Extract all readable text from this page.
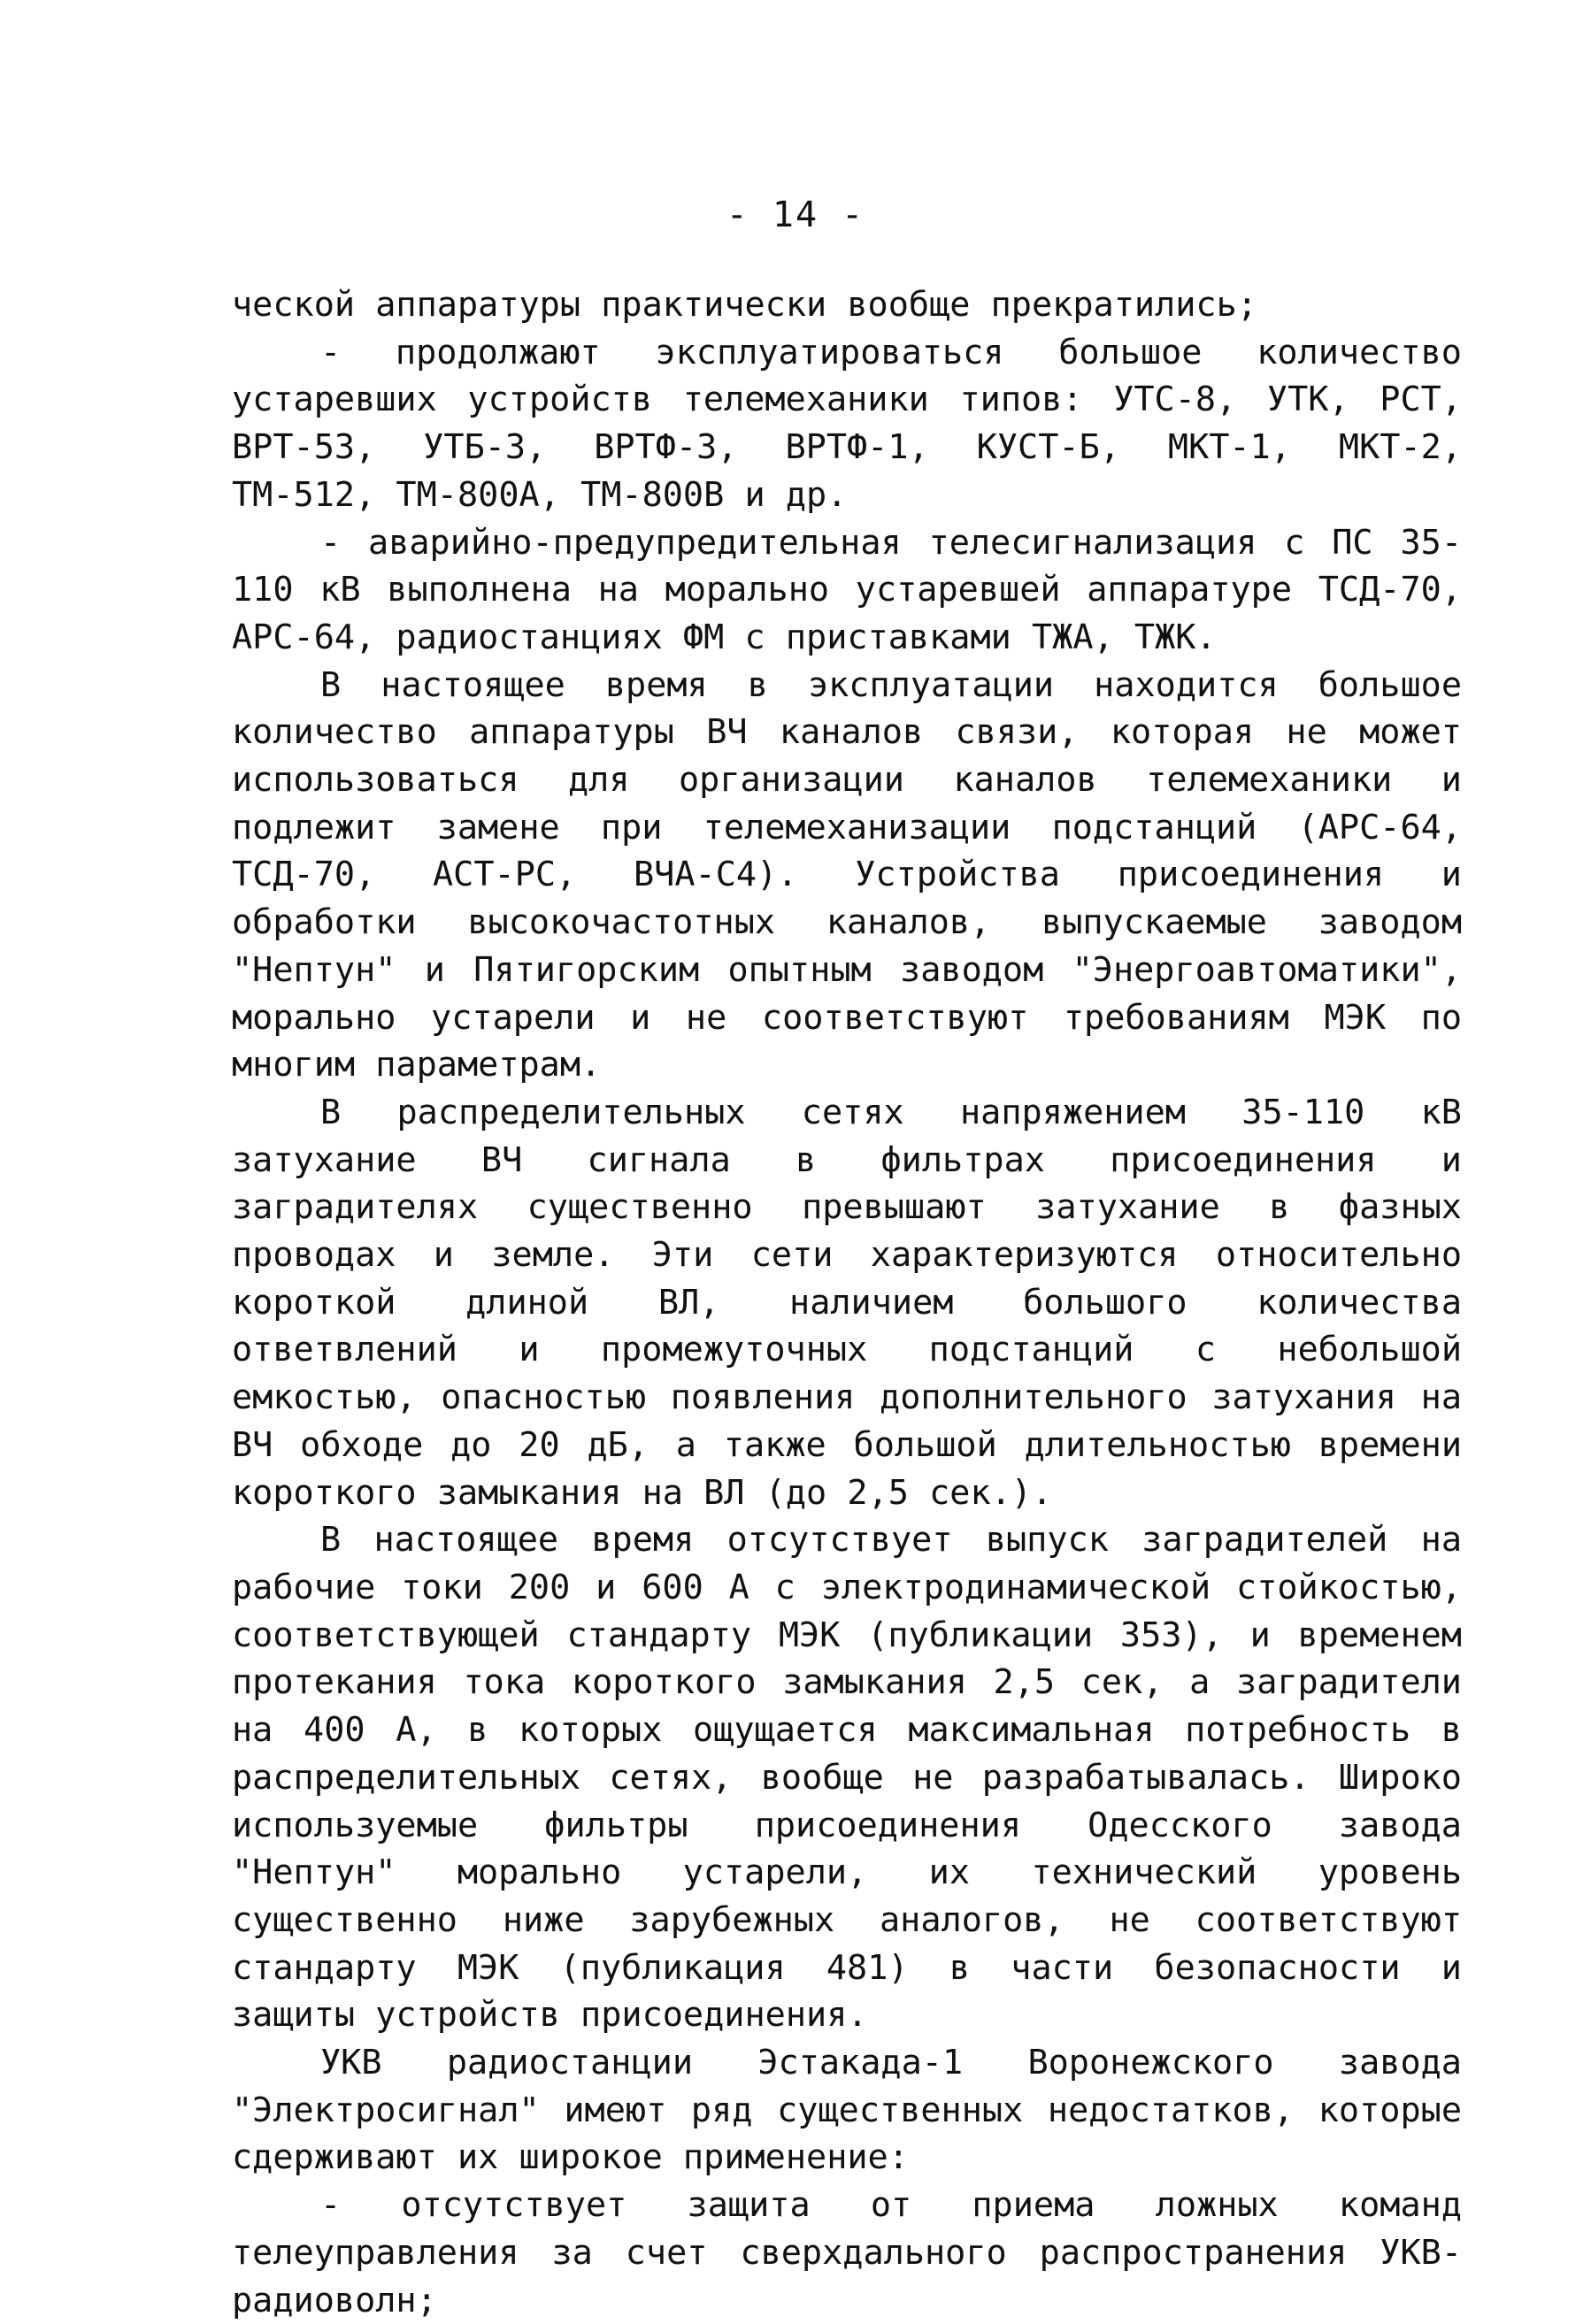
- 14 -

ческой аппаратуры практически вообще прекратились;

- продолжают эксплуатироваться большое количество устаревших устройств телемеханики типов: УТС-8, УТК, РСТ, ВРТ-53, УТБ-3, ВРТФ-3, ВРТФ-1, КУСТ-Б, МКТ-1, МКТ-2, ТМ-512, ТМ-800А, ТМ-800В и др.

- аварийно-предупредительная телесигнализация с ПС 35-110 кВ выполнена на морально устаревшей аппаратуре ТСД-70, АРС-64, радиостанциях ФМ с приставками ТЖА, ТЖК.

В настоящее время в эксплуатации находится большое количество аппаратуры ВЧ каналов связи, которая не может использоваться для организации каналов телемеханики и подлежит замене при телемеханизации подстанций (АРС-64, ТСД-70, АСТ-РС, ВЧА-С4). Устройства присоединения и обработки высокочастотных каналов, выпускаемые заводом "Нептун" и Пятигорским опытным заводом "Энергоавтоматики", морально устарели и не соответствуют требованиям МЭК по многим параметрам.

В распределительных сетях напряжением 35-110 кВ затухание ВЧ сигнала в фильтрах присоединения и заградителях существенно превышают затухание в фазных проводах и земле. Эти сети характеризуются относительно короткой длиной ВЛ, наличием большого количества ответвлений и промежуточных подстанций с небольшой емкостью, опасностью появления дополнительного затухания на ВЧ обходе до 20 дБ, а также большой длительностью времени короткого замыкания на ВЛ (до 2,5 сек.).

В настоящее время отсутствует выпуск заградителей на рабочие токи 200 и 600 А с электродинамической стойкостью, соответствующей стандарту МЭК (публикации 353), и временем протекания тока короткого замыкания 2,5 сек, а заградители на 400 А, в которых ощущается максимальная потребность в распределительных сетях, вообще не разрабатывалась. Широко используемые фильтры присоединения Одесского завода "Нептун" морально устарели, их технический уровень существенно ниже зарубежных аналогов, не соответствуют стандарту МЭК (публикация 481) в части безопасности и защиты устройств присоединения.

УКВ радиостанции Эстакада-1 Воронежского завода "Электросигнал" имеют ряд существенных недостатков, которые сдерживают их широкое применение:

- отсутствует защита от приема ложных команд телеуправления за счет сверхдального распространения УКВ-радиоволн;
